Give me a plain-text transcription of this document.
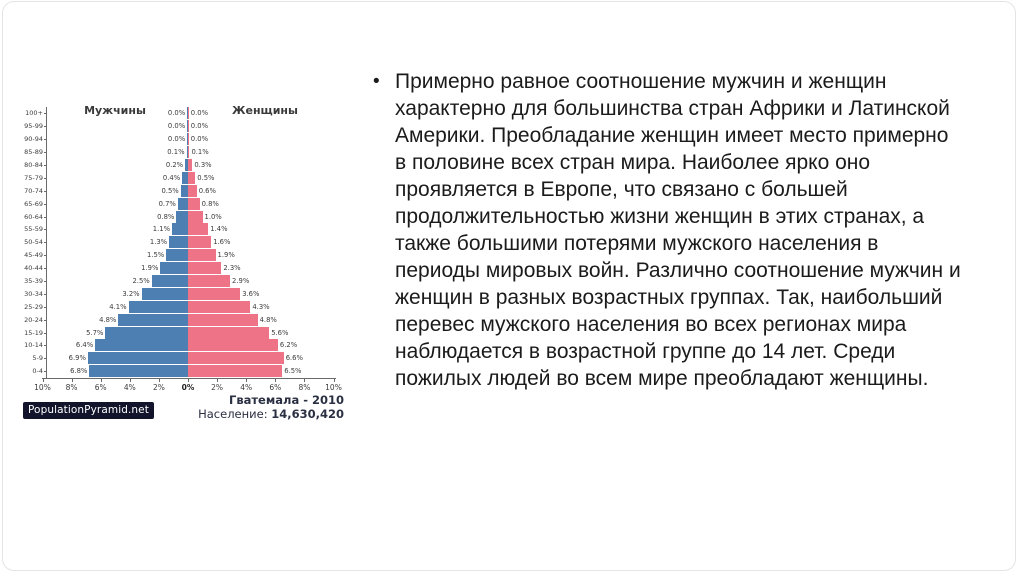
Мужчины	Женщины
100+	0.0% 0.0%
95-99	0.0% 0.0%
90-94	0.0% 0.0%
85-89	0.1% 0.1%
80-84	0.2% 0.3%
75-79	0.4%	0.5%
70-74	0.5%	0.6%
65-69	0.7%	0.8%
60-64	0.8%	1.0%
55-59	1.1%	1.4%
50-54	1.3%	1.6%
45-49	1.5%	1.9%
40-44	1.9%	2.3%
35-39	2.5%	2.9%
30-34	3.2%	3.6%
25-29	4.1%	4.3%
20-24	4.8%	4.8%
15-19	5.7%	5.6%
10-14	6.4%	6.2%
5-9	6.9%	6.6%
0-4	6.8%	6.5%
10% 8% 6% 4% 2% 0% 2% 4% 6% 8% 10%
Гватемала - 2010
Население: 14,630,420
PopulationPyramid.net
• Примерно равное соотношение мужчин и женщин характерно для большинства стран Африки и Латинской Америки. Преобладание женщин имеет место примерно в половине всех стран мира. Наиболее ярко оно проявляется в Европе, что связано с большей продолжительностью жизни женщин в этих странах, а также большими потерями мужского населения в периоды мировых войн. Различно соотношение мужчин и женщин в разных возрастных группах. Так, наибольший перевес мужского населения во всех регионах мира наблюдается в возрастной группе до 14 лет. Среди пожилых людей во всем мире преобладают женщины.
